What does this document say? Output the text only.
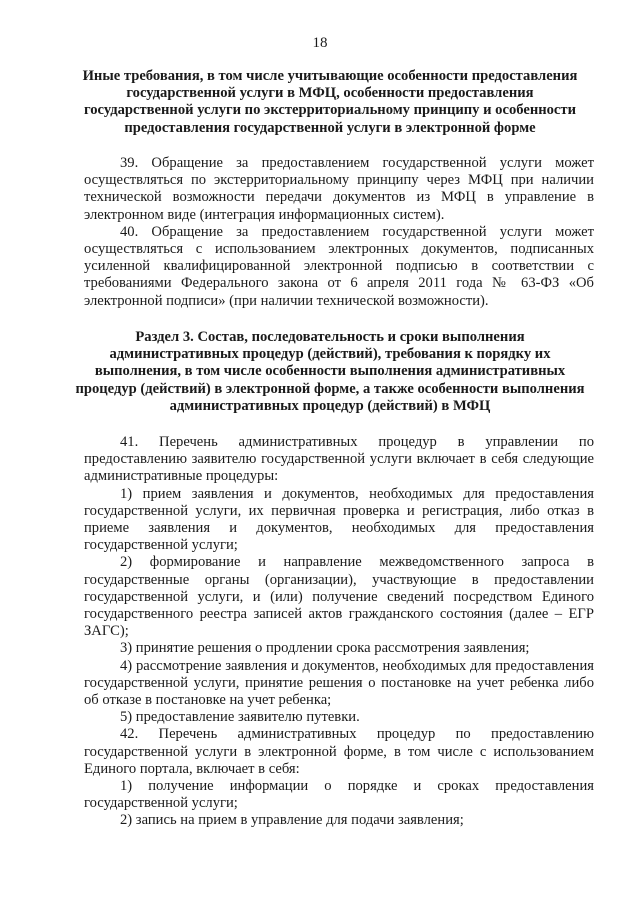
18
Иные требования, в том числе учитывающие особенности предоставления государственной услуги в МФЦ, особенности предоставления государственной услуги по экстерриториальному принципу и особенности предоставления государственной услуги в электронной форме

39. Обращение за предоставлением государственной услуги может осуществляться по экстерриториальному принципу через МФЦ при наличии технической возможности передачи документов из МФЦ в управление в электронном виде (интеграция информационных систем).

40. Обращение за предоставлением государственной услуги может осуществляться с использованием электронных документов, подписанных усиленной квалифицированной электронной подписью в соответствии с требованиями Федерального закона от 6 апреля 2011 года № 63-ФЗ «Об электронной подписи» (при наличии технической возможности).

Раздел 3. Состав, последовательность и сроки выполнения административных процедур (действий), требования к порядку их выполнения, в том числе особенности выполнения административных процедур (действий) в электронной форме, а также особенности выполнения административных процедур (действий) в МФЦ

41. Перечень административных процедур в управлении по предоставлению заявителю государственной услуги включает в себя следующие административные процедуры:

1) прием заявления и документов, необходимых для предоставления государственной услуги, их первичная проверка и регистрация, либо отказ в приеме заявления и документов, необходимых для предоставления государственной услуги;

2) формирование и направление межведомственного запроса в государственные органы (организации), участвующие в предоставлении государственной услуги, и (или) получение сведений посредством Единого государственного реестра записей актов гражданского состояния (далее – ЕГР ЗАГС);

3) принятие решения о продлении срока рассмотрения заявления;

4) рассмотрение заявления и документов, необходимых для предоставления государственной услуги, принятие решения о постановке на учет ребенка либо об отказе в постановке на учет ребенка;

5) предоставление заявителю путевки.

42. Перечень административных процедур по предоставлению государственной услуги в электронной форме, в том числе с использованием Единого портала, включает в себя:

1) получение информации о порядке и сроках предоставления государственной услуги;

2) запись на прием в управление для подачи заявления;
